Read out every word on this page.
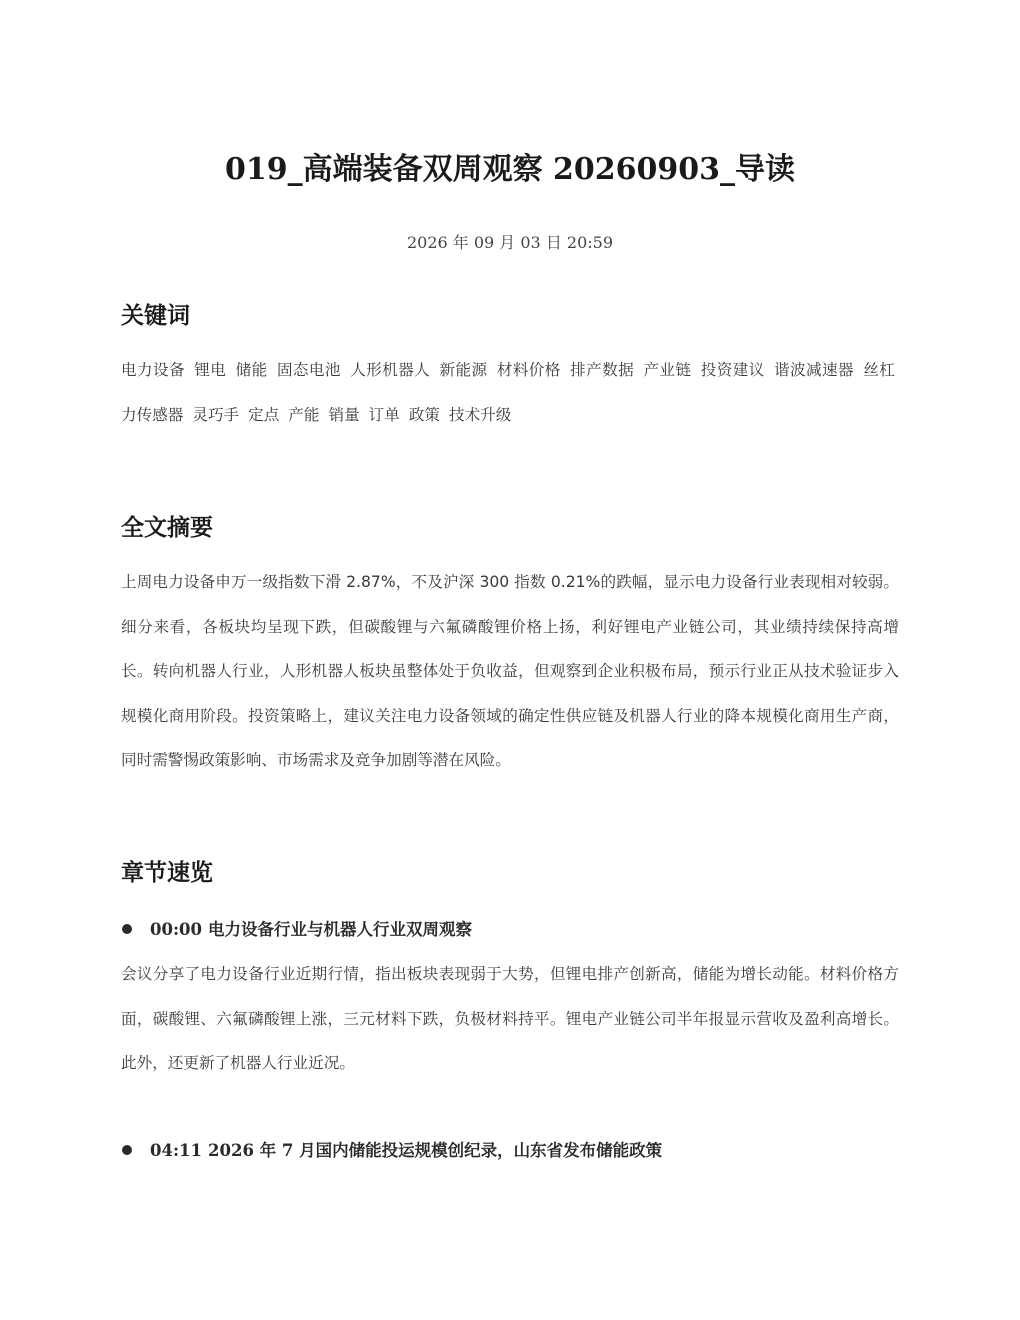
019_高端装备双周观察 20260903_导读
2026 年 09 月 03 日 20:59
关键词

电力设备 锂电 储能 固态电池 人形机器人 新能源 材料价格 排产数据 产业链 投资建议 谐波减速器 丝杠 力传感器 灵巧手 定点 产能 销量 订单 政策 技术升级

全文摘要

上周电力设备申万一级指数下滑 2.87%，不及沪深 300 指数 0.21%的跌幅，显示电力设备行业表现相对较弱。细分来看，各板块均呈现下跌，但碳酸锂与六氟磷酸锂价格上扬，利好锂电产业链公司，其业绩持续保持高增长。转向机器人行业，人形机器人板块虽整体处于负收益，但观察到企业积极布局，预示行业正从技术验证步入规模化商用阶段。投资策略上，建议关注电力设备领域的确定性供应链及机器人行业的降本规模化商用生产商，同时需警惕政策影响、市场需求及竞争加剧等潜在风险。

章节速览
00:00 电力设备行业与机器人行业双周观察

会议分享了电力设备行业近期行情，指出板块表现弱于大势，但锂电排产创新高，储能为增长动能。材料价格方面，碳酸锂、六氟磷酸锂上涨，三元材料下跌，负极材料持平。锂电产业链公司半年报显示营收及盈利高增长。此外，还更新了机器人行业近况。

04:11 2026 年 7 月国内储能投运规模创纪录，山东省发布储能政策
